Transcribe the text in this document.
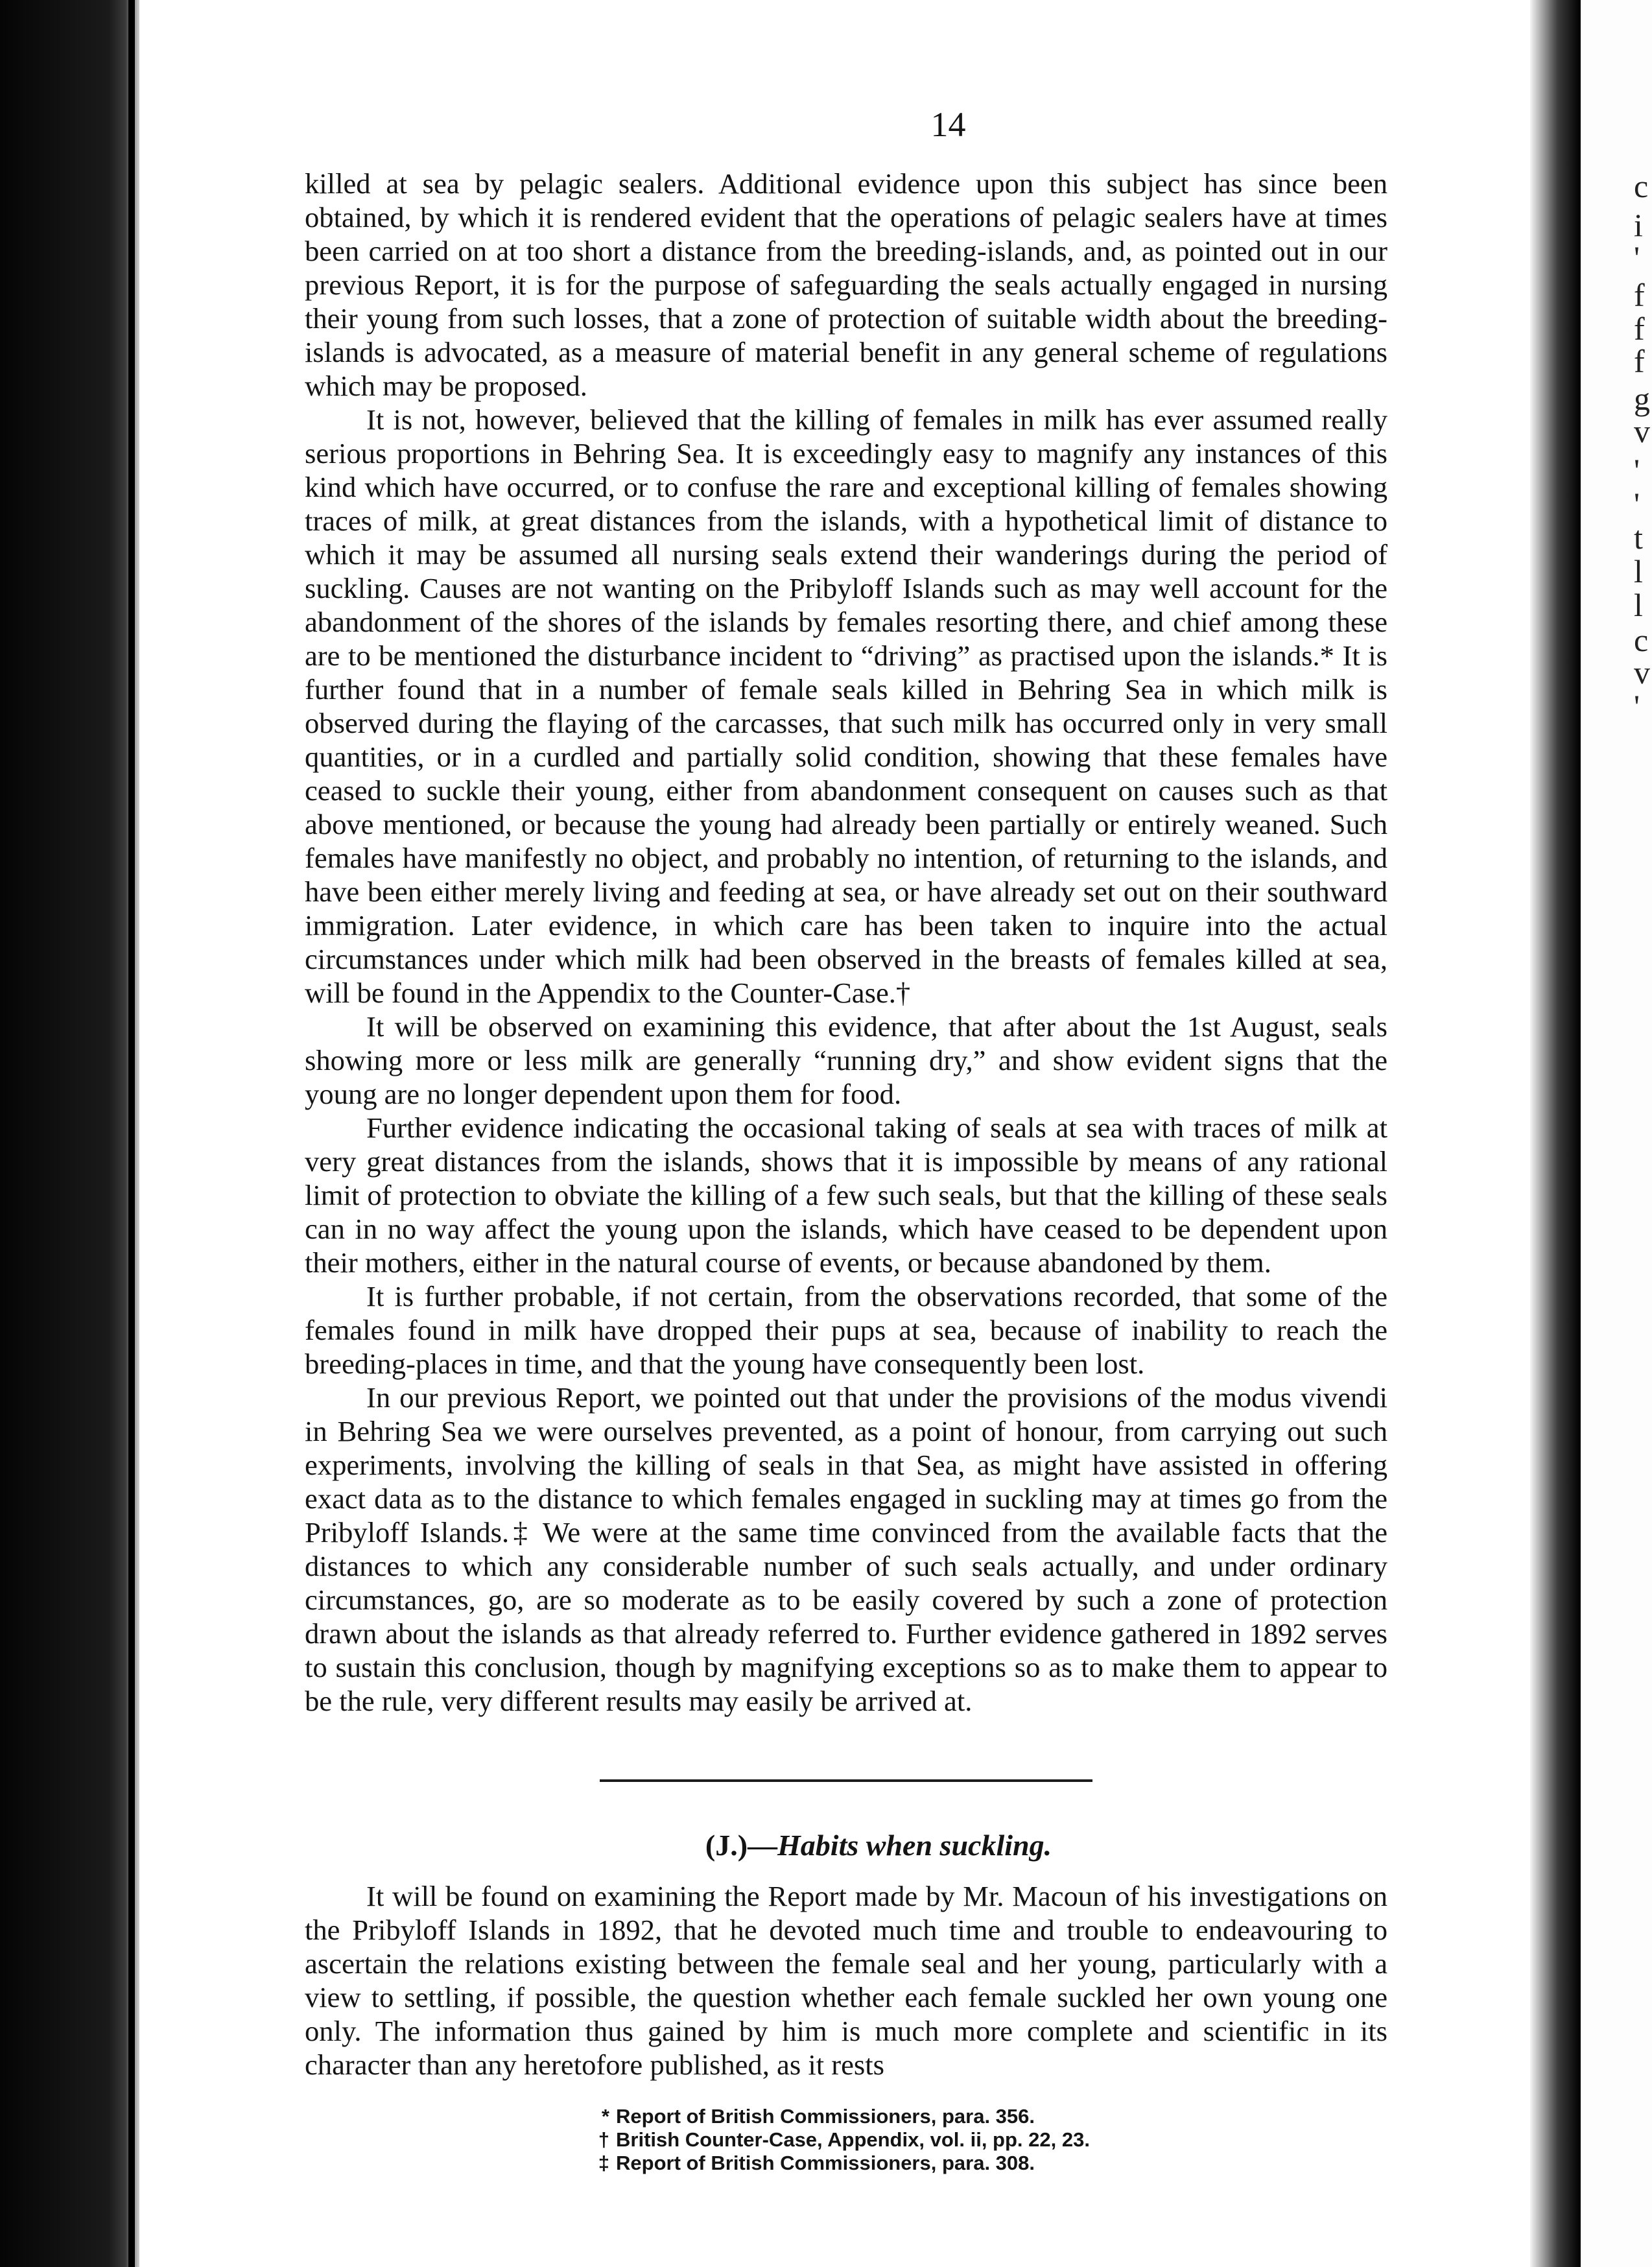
c
i
'
f
f
f
g
v
'
'
t
l
l
c
v
'
14

killed at sea by pelagic sealers. Additional evidence upon this subject has since been obtained, by which it is rendered evident that the operations of pelagic sealers have at times been carried on at too short a distance from the breeding-islands, and, as pointed out in our previous Report, it is for the purpose of safeguarding the seals actually engaged in nursing their young from such losses, that a zone of protection of suitable width about the breeding-islands is advocated, as a measure of material benefit in any general scheme of regulations which may be proposed.

It is not, however, believed that the killing of females in milk has ever assumed really serious proportions in Behring Sea. It is exceedingly easy to magnify any instances of this kind which have occurred, or to confuse the rare and exceptional killing of females showing traces of milk, at great distances from the islands, with a hypothetical limit of distance to which it may be assumed all nursing seals extend their wanderings during the period of suckling. Causes are not wanting on the Pribyloff Islands such as may well account for the abandonment of the shores of the islands by females resorting there, and chief among these are to be mentioned the disturbance incident to “driving” as practised upon the islands.* It is further found that in a number of female seals killed in Behring Sea in which milk is observed during the flaying of the carcasses, that such milk has occurred only in very small quantities, or in a curdled and partially solid condition, showing that these females have ceased to suckle their young, either from abandonment consequent on causes such as that above mentioned, or because the young had already been partially or entirely weaned. Such females have manifestly no object, and probably no intention, of returning to the islands, and have been either merely living and feeding at sea, or have already set out on their southward immigration. Later evidence, in which care has been taken to inquire into the actual circumstances under which milk had been observed in the breasts of females killed at sea, will be found in the Appendix to the Counter-Case.†

It will be observed on examining this evidence, that after about the 1st August, seals showing more or less milk are generally “running dry,” and show evident signs that the young are no longer dependent upon them for food.

Further evidence indicating the occasional taking of seals at sea with traces of milk at very great distances from the islands, shows that it is impossible by means of any rational limit of protection to obviate the killing of a few such seals, but that the killing of these seals can in no way affect the young upon the islands, which have ceased to be dependent upon their mothers, either in the natural course of events, or because abandoned by them.

It is further probable, if not certain, from the observations recorded, that some of the females found in milk have dropped their pups at sea, because of inability to reach the breeding-places in time, and that the young have consequently been lost.

In our previous Report, we pointed out that under the provisions of the modus vivendi in Behring Sea we were ourselves prevented, as a point of honour, from carrying out such experiments, involving the killing of seals in that Sea, as might have assisted in offering exact data as to the distance to which females engaged in suckling may at times go from the Pribyloff Islands.‡ We were at the same time convinced from the available facts that the distances to which any considerable number of such seals actually, and under ordinary circumstances, go, are so moderate as to be easily covered by such a zone of protection drawn about the islands as that already referred to. Further evidence gathered in 1892 serves to sustain this conclusion, though by magnifying exceptions so as to make them to appear to be the rule, very different results may easily be arrived at.

(J.)—Habits when suckling.

It will be found on examining the Report made by Mr. Macoun of his investigations on the Pribyloff Islands in 1892, that he devoted much time and trouble to endeavouring to ascertain the relations existing between the female seal and her young, particularly with a view to settling, if possible, the question whether each female suckled her own young one only. The information thus gained by him is much more complete and scientific in its character than any heretofore published, as it rests

* Report of British Commissioners, para. 356.
† British Counter-Case, Appendix, vol. ii, pp. 22, 23.
‡ Report of British Commissioners, para. 308.
